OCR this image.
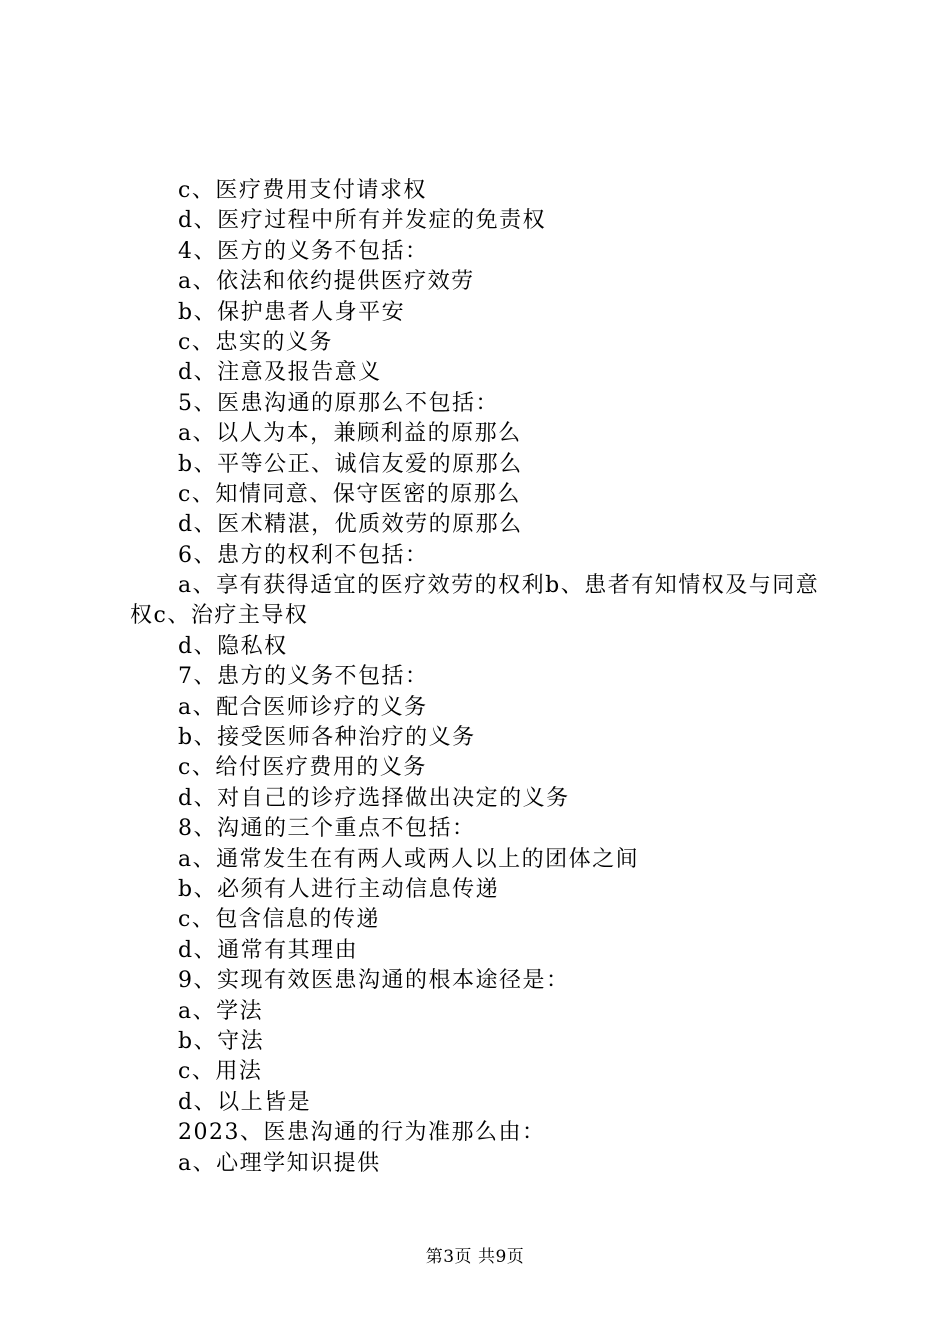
c、医疗费用支付请求权
d、医疗过程中所有并发症的免责权
4、医方的义务不包括：
a、依法和依约提供医疗效劳
b、保护患者人身平安
c、忠实的义务
d、注意及报告意义
5、医患沟通的原那么不包括：
a、以人为本，兼顾利益的原那么
b、平等公正、诚信友爱的原那么
c、知情同意、保守医密的原那么
d、医术精湛，优质效劳的原那么
6、患方的权利不包括：
a、享有获得适宜的医疗效劳的权利b、患者有知情权及与同意权c、治疗主导权
d、隐私权
7、患方的义务不包括：
a、配合医师诊疗的义务
b、接受医师各种治疗的义务
c、给付医疗费用的义务
d、对自己的诊疗选择做出决定的义务
8、沟通的三个重点不包括：
a、通常发生在有两人或两人以上的团体之间
b、必须有人进行主动信息传递
c、包含信息的传递
d、通常有其理由
9、实现有效医患沟通的根本途径是：
a、学法
b、守法
c、用法
d、以上皆是
2023、医患沟通的行为准那么由：
a、心理学知识提供
第3页 共9页
